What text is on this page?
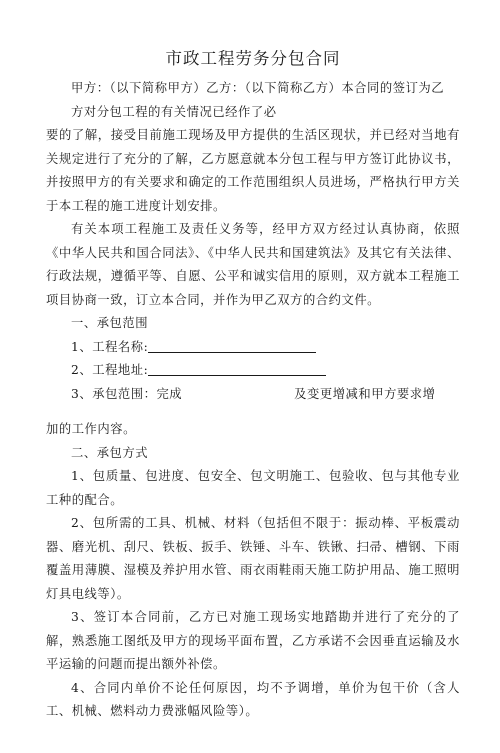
市政工程劳务分包合同

甲方：（以下简称甲方）乙方：（以下简称乙方）本合同的签订为乙

方对分包工程的有关情况已经作了必

要的了解，接受目前施工现场及甲方提供的生活区现状，并已经对当地有关规定进行了充分的了解，乙方愿意就本分包工程与甲方签订此协议书，并按照甲方的有关要求和确定的工作范围组织人员进场，严格执行甲方关于本工程的施工进度计划安排。

有关本项工程施工及责任义务等，经甲方双方经过认真协商，依照《中华人民共和国合同法》、《中华人民共和国建筑法》及其它有关法律、行政法规，遵循平等、自愿、公平和诚实信用的原则，双方就本工程施工项目协商一致，订立本合同，并作为甲乙双方的合约文件。

一、承包范围

1、工程名称:

2、工程地址:

3、承包范围：完成	及变更增减和甲方要求增

加的工作内容。

二、承包方式

1、包质量、包进度、包安全、包文明施工、包验收、包与其他专业工种的配合。

2、包所需的工具、机械、材料（包括但不限于：振动棒、平板震动器、磨光机、刮尺、铁板、扳手、铁锤、斗车、铁锹、扫帚、槽钢、下雨覆盖用薄膜、湿模及养护用水管、雨衣雨鞋雨天施工防护用品、施工照明灯具电线等）。

3、签订本合同前，乙方已对施工现场实地踏勘并进行了充分的了解，熟悉施工图纸及甲方的现场平面布置，乙方承诺不会因垂直运输及水平运输的问题而提出额外补偿。

4、合同内单价不论任何原因，均不予调增，单价为包干价（含人工、机械、燃料动力费涨幅风险等）。
